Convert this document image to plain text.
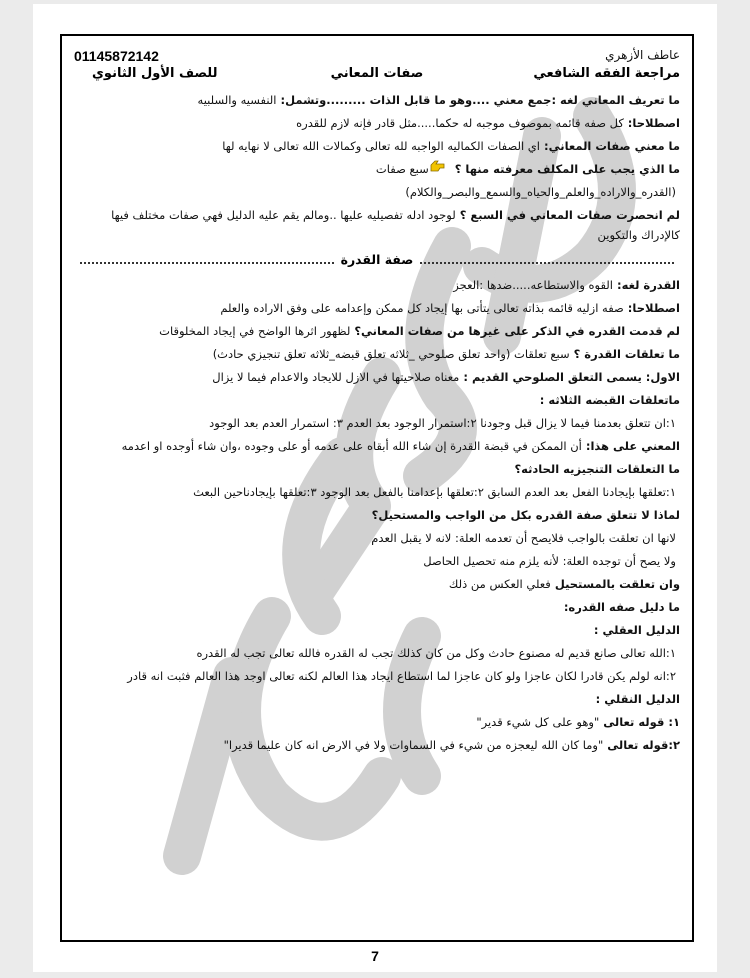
عاطف الأزهري
01145872142
مراجعة الفقه الشافعي
صفات المعاني
للصف الأول الثانوي
ما تعريف المعاني لغه :جمع معني ....وهو ما قابل الذات .........وتشمل:
النفسيه والسلبيه
اصطلاحا:
كل صفه قائمه بموصوف موجبه له حكما.....مثل قادر فإنه لازم للقدره
ما معني صفات المعاني:
اي الصفات الكماليه الواجبه لله تعالى وكمالات الله تعالى لا نهايه لها
ما الذي يجب على المكلف معرفته منها ؟
سبع صفات
(القدره_والاراده_والعلم_والحياه_والسمع_والبصر_والكلام)
لم انحصرت صفات المعاني في السبع ؟لوجود ادله تفصيليه عليها ..ومالم يقم عليه الدليل فهي صفات مختلف فيها كالإدراك والتكوين
صفة القدرة
القدرة لغه:
القوه والاستطاعه.....ضدها :العجز
اصطلاحا:
صفه ازليه قائمه بذاته تعالى يتأتى بها إيجاد كل ممكن وإعدامه على وفق الاراده والعلم
لم قدمت القدره في الذكر على غيرها من صفات المعاني؟
لظهور اثرها الواضح في إيجاد المخلوقات
ما تعلقات القدرة ؟
سبع تعلقات (واحد تعلق صلوحي _ثلاثه تعلق قبضه_ثلاثه تعلق تنجيزي حادث)
الاول: يسمى التعلق الصلوحي القديم :
معناه صلاحيتها في الازل للايجاد والاعدام فيما لا يزال
ماتعلقات القبضه الثلاثه :
١:ان تتعلق بعدمنا فيما لا يزال قبل وجودنا ٢:استمرار الوجود بعد العدم ٣: استمرار العدم بعد الوجود
المعني على هذا:
أن الممكن في قبضة القدرة إن شاء الله أبقاه على عدمه أو على وجوده ،وان شاء أوجده او اعدمه
ما التعلقات التنجيزيه الحادثه؟
١:تعلقها بإيجادنا الفعل بعد العدم السابق ٢:تعلقها بإعدامنا بالفعل بعد الوجود ٣:تعلقها بإيجادناحين البعث
لماذا لا تتعلق صفة القدره بكل من الواجب والمستحيل؟
لانها ان تعلقت بالواجب فلايصح أن تعدمه العلة: لانه لا يقبل العدم
ولا يصح أن توجده العلة: لأنه يلزم منه تحصيل الحاصل
وان تعلقت بالمستحيل
فعلي العكس من ذلك
ما دليل صفه القدره:
الدليل العقلي :
١:الله تعالى صانع قديم له مصنوع حادث وكل من كان كذلك تجب له القدره فالله تعالى تجب له القدره
٢:انه لولم يكن قادرا لكان عاجزا ولو كان عاجزا لما استطاع ايجاد هذا العالم لكنه تعالى اوجد هذا العالم فثبت انه قادر
الدليل النقلي :
١: قوله تعالى
"وهو على كل شيء قدير"
٢:قوله تعالى
"وما كان الله ليعجزه من شيء في السماوات ولا في الارض انه كان عليما قديرا"
7
